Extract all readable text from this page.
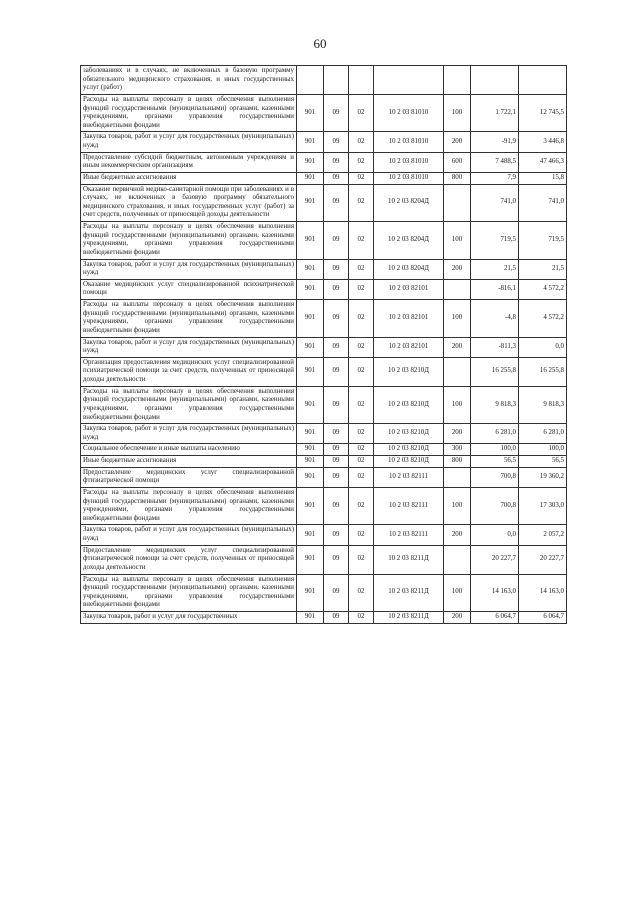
60
заболеваниях и в случаях, не включенных в базовую программу обязательного медицинского страхования, и иных государственных услуг (работ)							
Расходы на выплаты персоналу в целях обеспечения выполнения функций государственными (муниципальными) органами, казенными учреждениями, органами управления государственными внебюджетными фондами	901	09	02	10 2 03 81010	100	1 722,1	12 745,5
Закупка товаров, работ и услуг для государственных (муниципальных) нужд	901	09	02	10 2 03 81010	200	-91,9	3 446,8
Предоставление субсидий бюджетным, автономным учреждениям и иным некоммерческим организациям	901	09	02	10 2 03 81010	600	7 488,5	47 466,3
Иные бюджетные ассигнования	901	09	02	10 2 03 81010	800	7,9	15,8
Оказание первичной медико-санитарной помощи при заболеваниях и в случаях, не включенных в базовую программу обязательного медицинского страхования, и иных государственных услуг (работ) за счет средств, полученных от приносящей доходы деятельности	901	09	02	10 2 03 8204Д		741,0	741,0
Расходы на выплаты персоналу в целях обеспечения выполнения функций государственными (муниципальными) органами, казенными учреждениями, органами управления государственными внебюджетными фондами	901	09	02	10 2 03 8204Д	100	719,5	719,5
Закупка товаров, работ и услуг для государственных (муниципальных) нужд	901	09	02	10 2 03 8204Д	200	21,5	21,5
Оказание медицинских услуг специализированной психиатрической помощи	901	09	02	10 2 03 82101		-816,1	4 572,2
Расходы на выплаты персоналу в целях обеспечения выполнения функций государственными (муниципальными) органами, казенными учреждениями, органами управления государственными внебюджетными фондами	901	09	02	10 2 03 82101	100	-4,8	4 572,2
Закупка товаров, работ и услуг для государственных (муниципальных) нужд	901	09	02	10 2 03 82101	200	-811,3	0,0
Организация предоставления медицинских услуг специализированной психиатрической помощи за счет средств, полученных от приносящей доходы деятельности	901	09	02	10 2 03 8210Д		16 255,8	16 255,8
Расходы на выплаты персоналу в целях обеспечения выполнения функций государственными (муниципальными) органами, казенными учреждениями, органами управления государственными внебюджетными фондами	901	09	02	10 2 03 8210Д	100	9 818,3	9 818,3
Закупка товаров, работ и услуг для государственных (муниципальных) нужд	901	09	02	10 2 03 8210Д	200	6 281,0	6 281,0
Социальное обеспечение и иные выплаты населению	901	09	02	10 2 03 8210Д	300	100,0	100,0
Иные бюджетные ассигнования	901	09	02	10 2 03 8210Д	800	56,5	56,5
Предоставление медицинских услуг специализированной фтизиатрической помощи	901	09	02	10 2 03 82111		700,8	19 360,2
Расходы на выплаты персоналу в целях обеспечения выполнения функций государственными (муниципальными) органами, казенными учреждениями, органами управления государственными внебюджетными фондами	901	09	02	10 2 03 82111	100	700,8	17 303,0
Закупка товаров, работ и услуг для государственных (муниципальных) нужд	901	09	02	10 2 03 82111	200	0,0	2 057,2
Предоставление медицинских услуг специализированной фтизиатрической помощи за счет средств, полученных от приносящей доходы деятельности	901	09	02	10 2 03 8211Д		20 227,7	20 227,7
Расходы на выплаты персоналу в целях обеспечения выполнения функций государственными (муниципальными) органами, казенными учреждениями, органами управления государственными внебюджетными фондами	901	09	02	10 2 03 8211Д	100	14 163,0	14 163,0
Закупка товаров, работ и услуг для государственных	901	09	02	10 2 03 8211Д	200	6 064,7	6 064,7
